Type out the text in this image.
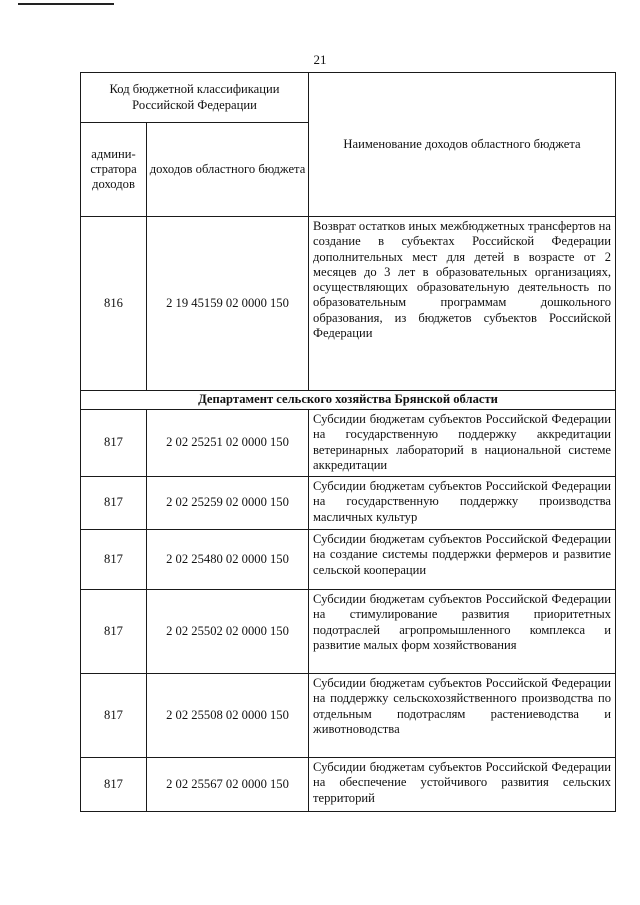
21
Код бюджетной классификации Российской Федерации		Наименование доходов областного бюджета
админи-стратора доходов	доходов областного бюджета	
816	2 19 45159 02 0000 150	Возврат остатков иных межбюджетных трансфертов на создание в субъектах Российской Федерации дополнительных мест для детей в возрасте от 2 месяцев до 3 лет в образовательных организациях, осуществляющих образовательную деятельность по образовательным программам дошкольного образования, из бюджетов субъектов Российской Федерации

Департамент сельского хозяйства Брянской области		
817	2 02 25251 02 0000 150	Субсидии бюджетам субъектов Российской Федерации на государственную поддержку аккредитации ветеринарных лабораторий в национальной системе аккредитации

817	2 02 25259 02 0000 150	Субсидии бюджетам субъектов Российской Федерации на государственную поддержку производства масличных культур

817	2 02 25480 02 0000 150	Субсидии бюджетам субъектов Российской Федерации на создание системы поддержки фермеров и развитие сельской кооперации

817	2 02 25502 02 0000 150	Субсидии бюджетам субъектов Российской Федерации на стимулирование развития приоритетных подотраслей агропромышленного комплекса и развитие малых форм хозяйствования

817	2 02 25508 02 0000 150	Субсидии бюджетам субъектов Российской Федерации на поддержку сельскохозяйственного производства по отдельным подотраслям растениеводства и животноводства

817	2 02 25567 02 0000 150	Субсидии бюджетам субъектов Российской Федерации на обеспечение устойчивого развития сельских территорий
